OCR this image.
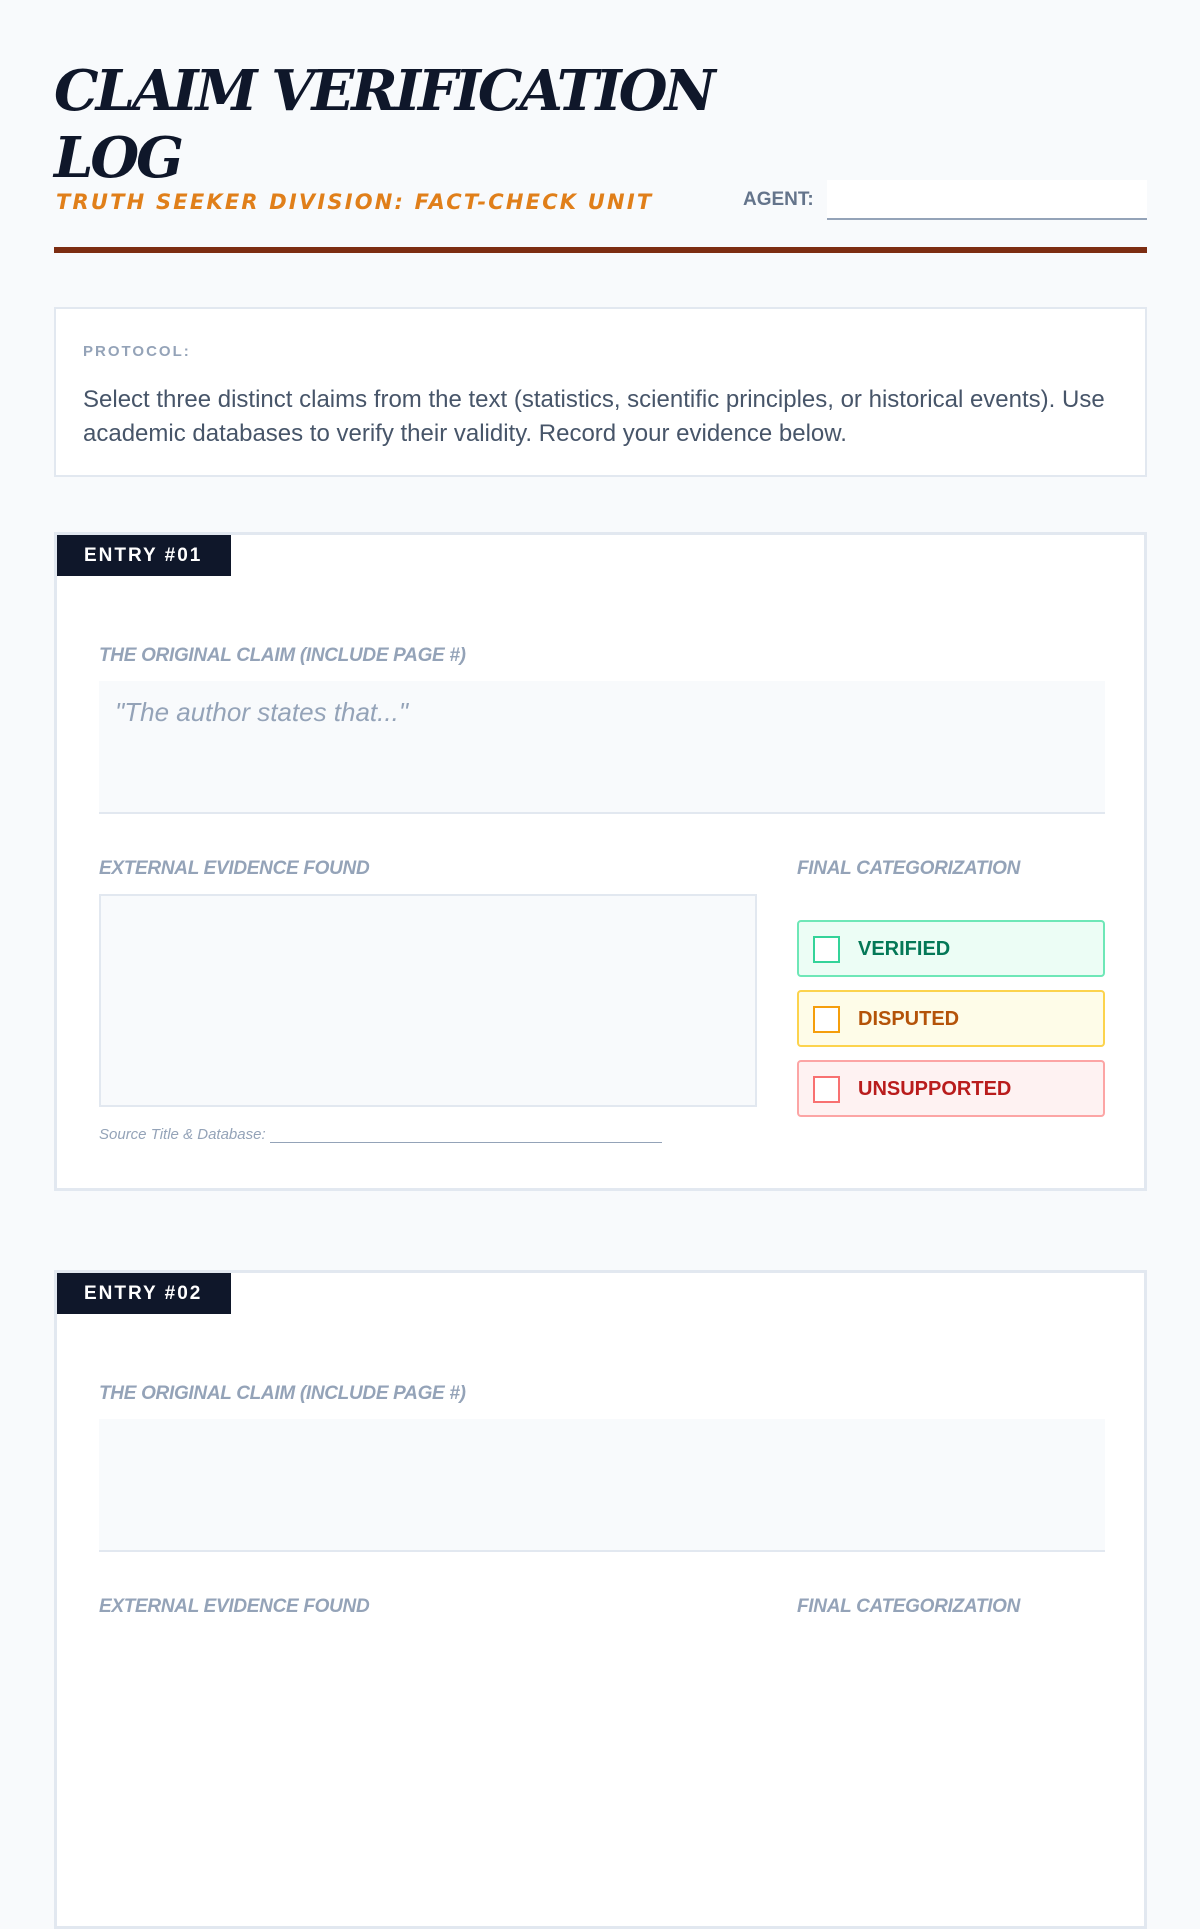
CLAIM VERIFICATION LOG
TRUTH SEEKER DIVISION: FACT-CHECK UNIT	AGENT:
PROTOCOL:

Select three distinct claims from the text (statistics, scientific principles, or historical events). Use academic databases to verify their validity. Record your evidence below.

ENTRY #01
THE ORIGINAL CLAIM (INCLUDE PAGE #)
"The author states that..."
EXTERNAL EVIDENCE FOUND
Source Title & Database:
FINAL CATEGORIZATION
VERIFIED
DISPUTED
UNSUPPORTED
ENTRY #02
THE ORIGINAL CLAIM (INCLUDE PAGE #)
EXTERNAL EVIDENCE FOUND	FINAL CATEGORIZATION
